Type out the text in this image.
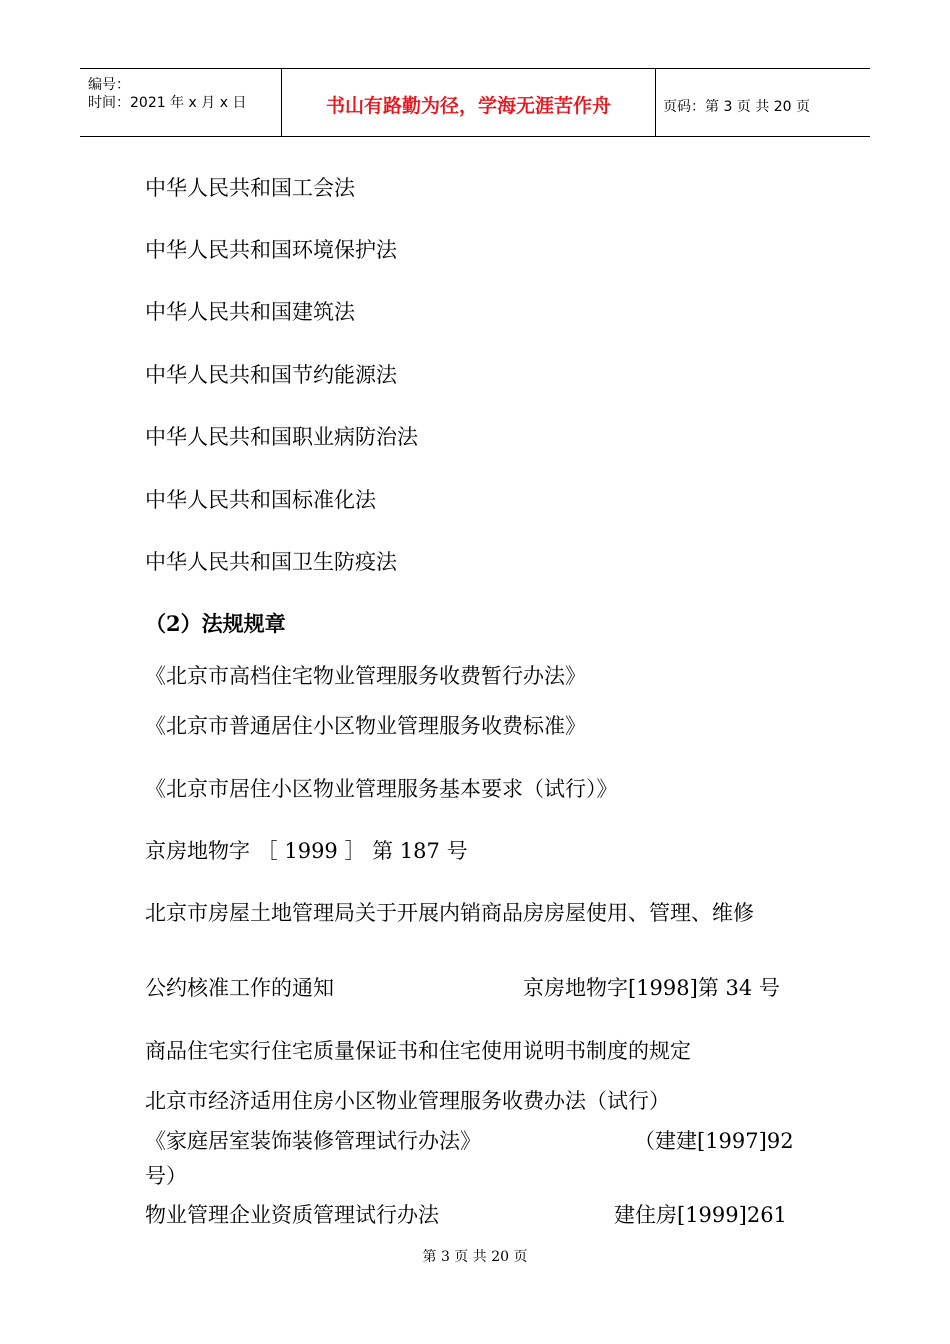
编号：
时间：2021 年 x 月 x 日	书山有路勤为径，学海无涯苦作舟	页码：第 3 页 共 20 页
中华人民共和国工会法
中华人民共和国环境保护法
中华人民共和国建筑法
中华人民共和国节约能源法
中华人民共和国职业病防治法
中华人民共和国标准化法
中华人民共和国卫生防疫法
（2）法规规章
《北京市高档住宅物业管理服务收费暂行办法》
《北京市普通居住小区物业管理服务收费标准》
《北京市居住小区物业管理服务基本要求（试行）》
京房地物字 ［ 1999 ］ 第 187 号
北京市房屋土地管理局关于开展内销商品房房屋使用、管理、维修
公约核准工作的通知	京房地物字[1998]第 34 号
商品住宅实行住宅质量保证书和住宅使用说明书制度的规定
北京市经济适用住房小区物业管理服务收费办法（试行）
《家庭居室装饰装修管理试行办法》	（建建[1997]92
号）
物业管理企业资质管理试行办法	建住房[1999]261
第 3 页 共 20 页
